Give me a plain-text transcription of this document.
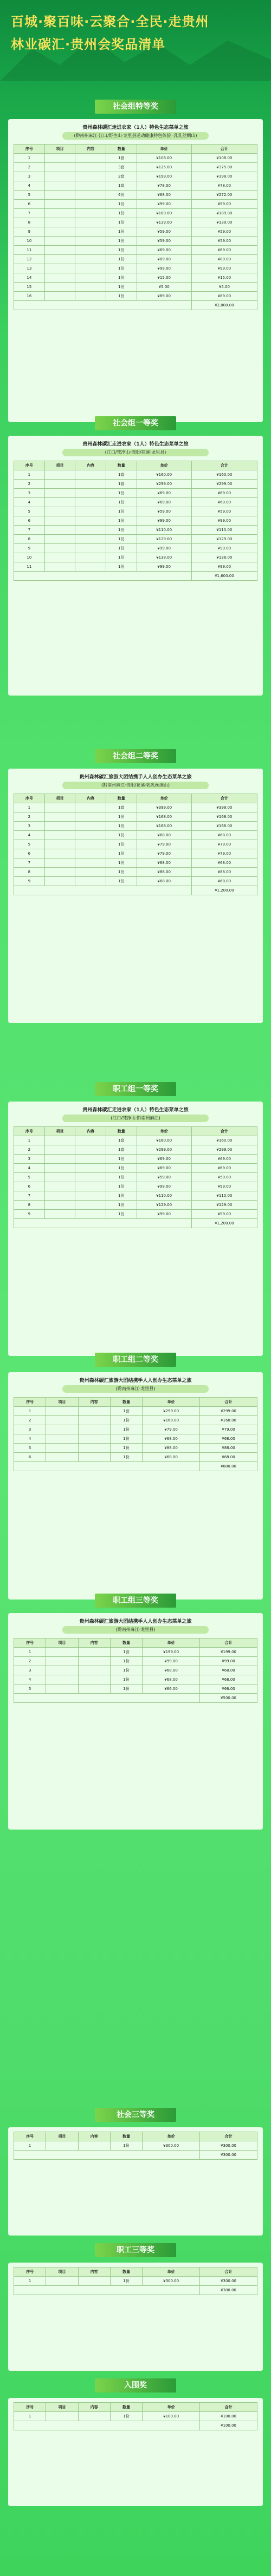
百城·聚百味·云聚合·全民·走贵州
林业碳汇·贵州会奖品清单
社会组特等奖
贵州森林碳汇走进农家（1人）特色生态菜单之旅
(黔南州麻江·江口/野生山·龙里县运动健康特色体验 ·乳乳丝绸山)
序号	项目	内容	数量	单价	合计
1			1套	¥108.00	¥108.00
2			3套	¥125.00	¥375.00
3			2套	¥199.00	¥398.00
4			1套	¥78.00	¥78.00
5			4份	¥68.00	¥272.00
6			1份	¥99.00	¥99.00
7			1份	¥189.00	¥189.00
8			1份	¥139.00	¥139.00
9			1份	¥59.00	¥59.00
10			1份	¥59.00	¥59.00
11			1份	¥69.00	¥69.00
12			1份	¥89.00	¥89.00
13			1份	¥99.00	¥99.00
14			1份	¥15.00	¥15.00
15			1份	¥5.00	¥5.00
16			1份	¥89.00	¥89.00
					¥2,000.00
社会组一等奖
贵州森林碳汇走进农家（1人）特色生态菜单之旅
(江口/梵净山·贵阳/花溪·龙里县)
序号	项目	内容	数量	单价	合计
1			1套	¥160.00	¥160.00
2			1套	¥299.00	¥299.00
3			1份	¥69.00	¥69.00
4			1份	¥69.00	¥69.00
5			1份	¥59.00	¥59.00
6			1份	¥99.00	¥99.00
7			1份	¥110.00	¥110.00
8			1份	¥129.00	¥129.00
9			1份	¥99.00	¥99.00
10			1份	¥138.00	¥138.00
11			1份	¥99.00	¥99.00
					¥1,600.00
社会组二等奖
贵州森林碳汇旅游大团结携手人人创办生态菜单之旅
(黔南州麻江·贵阳/花溪·乳乳丝绸山)
序号	项目	内容	数量	单价	合计
1			1套	¥399.00	¥399.00
2			1份	¥168.00	¥168.00
3			1份	¥168.00	¥168.00
4			1份	¥68.00	¥68.00
5			1份	¥79.00	¥79.00
6			1份	¥79.00	¥79.00
7			1份	¥68.00	¥68.00
8			1份	¥88.00	¥88.00
9			1份	¥68.00	¥68.00
					¥1,200.00
职工组一等奖
贵州森林碳汇走进农家（1人）特色生态菜单之旅
(江口/梵净山·黔南州麻江)
序号	项目	内容	数量	单价	合计
1			1套	¥160.00	¥160.00
2			1套	¥299.00	¥299.00
3			1份	¥69.00	¥69.00
4			1份	¥69.00	¥69.00
5			1份	¥59.00	¥59.00
6			1份	¥99.00	¥99.00
7			1份	¥110.00	¥110.00
8			1份	¥129.00	¥129.00
9			1份	¥99.00	¥99.00
					¥1,200.00
职工组二等奖
贵州森林碳汇旅游大团结携手人人创办生态菜单之旅
(黔南州麻江·龙里县)
序号	项目	内容	数量	单价	合计
1			1套	¥299.00	¥299.00
2			1份	¥168.00	¥168.00
3			1份	¥79.00	¥79.00
4			1份	¥68.00	¥68.00
5			1份	¥88.00	¥88.00
6			1份	¥68.00	¥68.00
					¥800.00
职工组三等奖
贵州森林碳汇旅游大团结携手人人创办生态菜单之旅
(黔南州麻江·龙里县)
序号	项目	内容	数量	单价	合计
1			1套	¥199.00	¥199.00
2			1份	¥99.00	¥99.00
3			1份	¥68.00	¥68.00
4			1份	¥68.00	¥68.00
5			1份	¥66.00	¥66.00
					¥500.00
社会三等奖
序号	项目	内容	数量	单价	合计
1			1份	¥300.00	¥300.00
					¥300.00
职工三等奖
序号	项目	内容	数量	单价	合计
1			1份	¥300.00	¥300.00
					¥300.00
入围奖
序号	项目	内容	数量	单价	合计
1			1份	¥100.00	¥100.00
					¥100.00
